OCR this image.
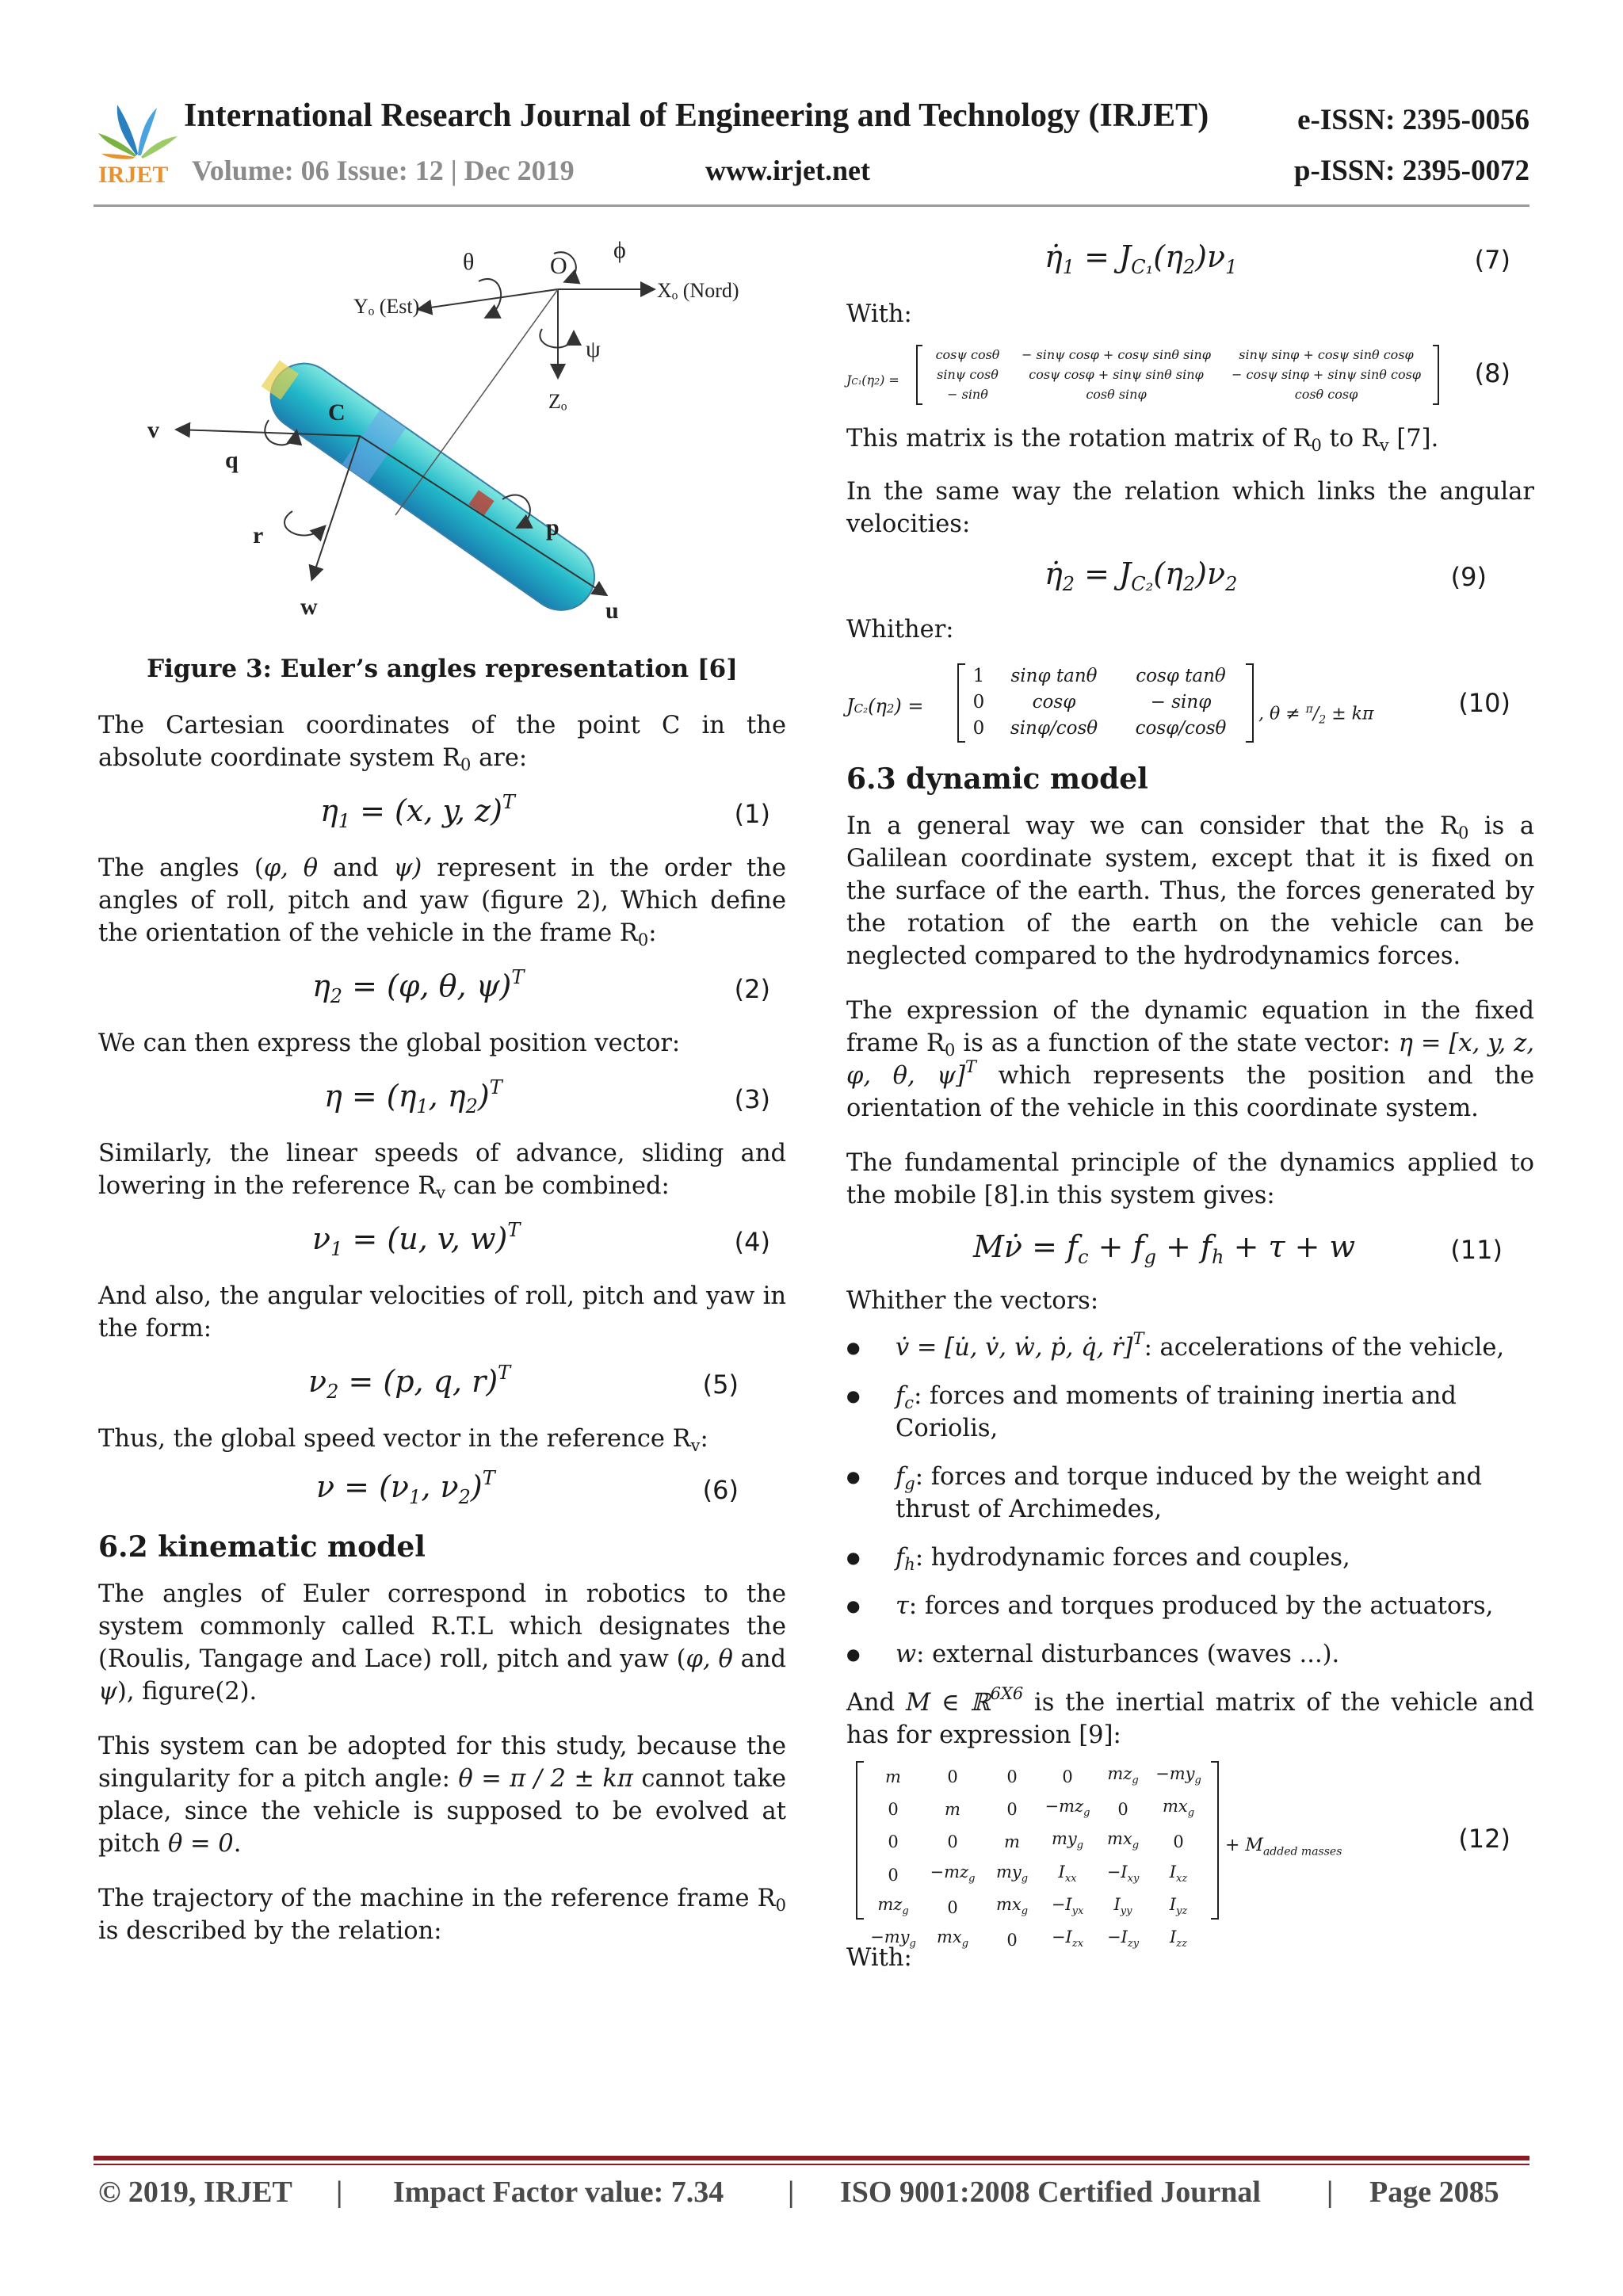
IRJET
International Research Journal of Engineering and Technology (IRJET)	e-ISSN: 2395-0056
Volume: 06 Issue: 12 | Dec 2019	www.irjet.net	p-ISSN: 2395-0072
θ	O
ϕ
Xₒ (Nord)
Yₒ (Est)
ψ
Zₒ
v
q
C
r	p
w	u
Figure 3: Euler’s angles representation [6]

The Cartesian coordinates of the point C in the absolute coordinate system $R_0$ are:

$\eta_1 = (x$, y, z)$^T$	(1)

The angles (φ, θ and ψ) represent in the order the angles of roll, pitch and yaw (figure 2), Which define the orientation of the vehicle in the frame $R_0$:

$\eta_2 = (\varphi$, θ, ψ)$^T$	(2)

We can then express the global position vector:

$\eta = (\eta_1$, $\eta_2)^T$	(3)

Similarly, the linear speeds of advance, sliding and lowering in the reference $R_v$ can be combined:

$\nu_1 = (u$, v, w)$^T$	(4)

And also, the angular velocities of roll, pitch and yaw in the form:

$\nu_2 = (p$, q, r)$^T$	(5)

Thus, the global speed vector in the reference $R_v$:

$\nu = (\nu_1$, $\nu_2)^T$	(6)
6.2 kinematic model

The angles of Euler correspond in robotics to the system commonly called R.T.L which designates the (Roulis, Tangage and Lace) roll, pitch and yaw (φ, θ and ψ), figure(2).

This system can be adopted for this study, because the singularity for a pitch angle: θ = π / 2 ± kπ cannot take place, since the vehicle is supposed to be evolved at pitch θ = 0.

The trajectory of the machine in the reference frame $R_0$ is described by the relation:

$\etȧ_1 = J_{C_1}(\eta_2)\nu_1$	(7)

With:

JC₁(η2) =
cosψ cosθ	− sinψ cosφ + cosψ sinθ sinφ	sinψ sinφ + cosψ sinθ cosφ
sinψ cosθ	cosψ cosφ + sinψ sinθ sinφ	− cosψ sinφ + sinψ sinθ cosφ
− sinθ	cosθ sinφ	cosθ cosφ
(8)

This matrix is the rotation matrix of $R_0$ to $R_v$ [7].

In the same way the relation which links the angular velocities:

$\etȧ_2 = J_{C_2}(\eta_2)\nu_2$	(9)

Whither:

JC₂(η2) =
1	sinφ tanθ	cosφ tanθ
0	cosφ	− sinφ
0	sinφ/cosθ	cosφ/cosθ
, $\theta \ne ^\pi/_2 \pm k\pi$	(10)
6.3 dynamic model

In a general way we can consider that the $R_0$ is a Galilean coordinate system, except that it is fixed on the surface of the earth. Thus, the forces generated by the rotation of the earth on the vehicle can be neglected compared to the hydrodynamics forces.

The expression of the dynamic equation in the fixed frame $R_0$ is as a function of the state vector: η = [x, y, z, φ, θ, ψ]$^T$ which represents the position and the orientation of the vehicle in this coordinate system.

The fundamental principle of the dynamics applied to the mobile [8].in this system gives:

Mν̇ = $f_c + f_g + f_h + \tau + w$	(11)

Whither the vectors:

● v̇ = [u̇, v̇, ẇ, ṗ, q̇, ṙ]$^T$: accelerations of the vehicle,
● $f_c$: forces and moments of training inertia and Coriolis,
● $f_g$: forces and torque induced by the weight and thrust of Archimedes,
● $f_h$: hydrodynamic forces and couples,
● τ: forces and torques produced by the actuators,
● w: external disturbances (waves ...).

And M ∈ ℝ$^{6X6}$ is the inertial matrix of the vehicle and has for expression [9]:

m	0	0	0	$mz_g$	$-my_g$
0	m	0	$-mz_g$	0	$mx_g$
0	0	m	$my_g$	$mx_g$	0
0	$-mz_g$	$my_g$	$I_{xx}$	$-I_{xy}$	$I_{xz}$
$mz_g$	0	$mx_g$	$-I_{yx}$	$I_{yy}$	$I_{yz}$
$-my_g$	$mx_g$	0	$-I_{zx}$	$-I_{zy}$	$I_{zz}$
+ $M_{added masses}$	(12)

With:

© 2019, IRJET | Impact Factor value: 7.34 | ISO 9001:2008 Certified Journal | Page 2085
